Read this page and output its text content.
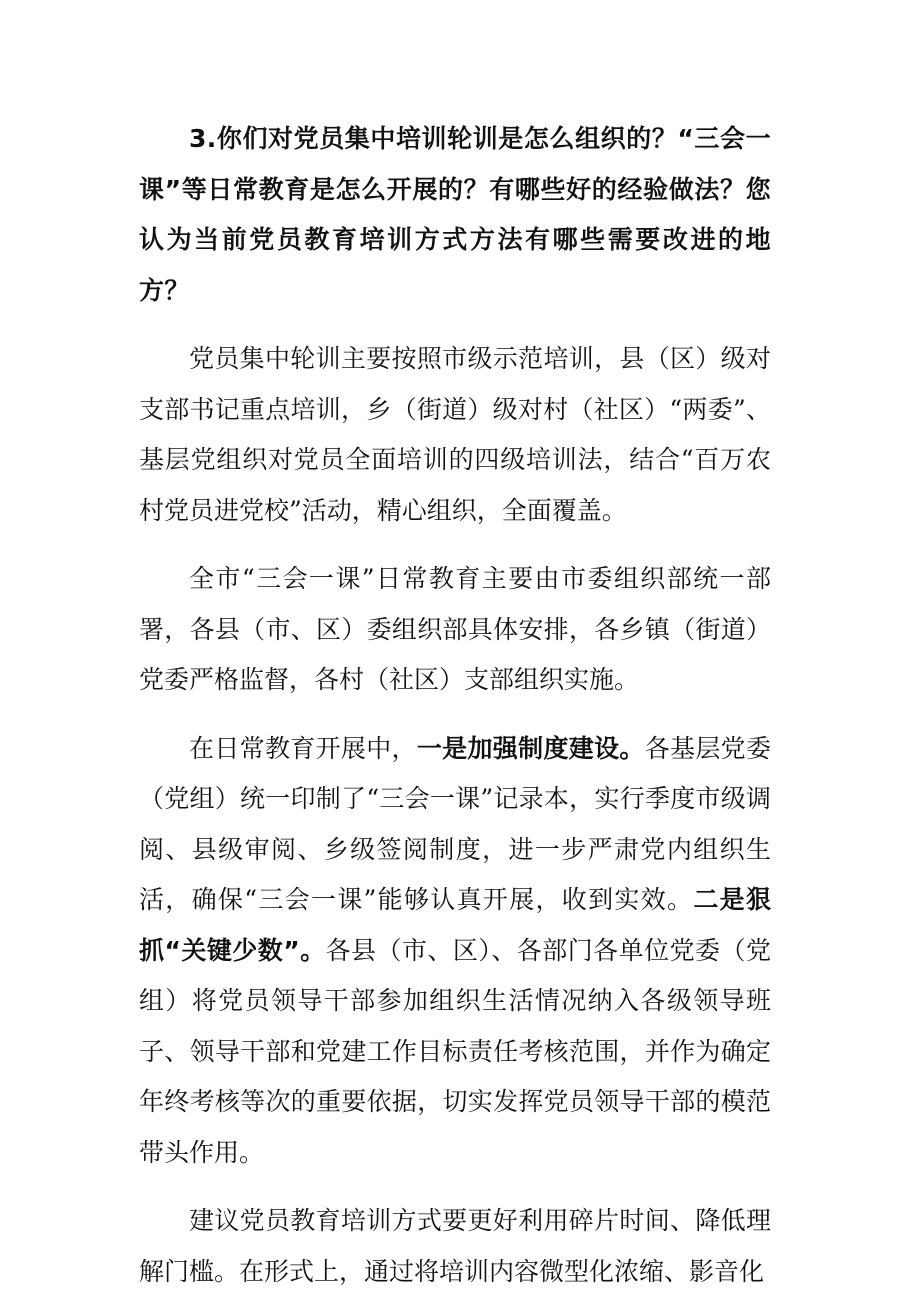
3.你们对党员集中培训轮训是怎么组织的？“三会一课”等日常教育是怎么开展的？有哪些好的经验做法？您认为当前党员教育培训方式方法有哪些需要改进的地方？

党员集中轮训主要按照市级示范培训，县（区）级对支部书记重点培训，乡（街道）级对村（社区）“两委”、基层党组织对党员全面培训的四级培训法，结合“百万农村党员进党校”活动，精心组织，全面覆盖。

全市“三会一课”日常教育主要由市委组织部统一部署，各县（市、区）委组织部具体安排，各乡镇（街道）党委严格监督，各村（社区）支部组织实施。

在日常教育开展中，一是加强制度建设。各基层党委（党组）统一印制了“三会一课”记录本，实行季度市级调阅、县级审阅、乡级签阅制度，进一步严肃党内组织生活，确保“三会一课”能够认真开展，收到实效。二是狠抓“关键少数”。各县（市、区）、各部门各单位党委（党组）将党员领导干部参加组织生活情况纳入各级领导班子、领导干部和党建工作目标责任考核范围，并作为确定年终考核等次的重要依据，切实发挥党员领导干部的模范带头作用。

建议党员教育培训方式要更好利用碎片时间、降低理解门槛。在形式上，通过将培训内容微型化浓缩、影音化
